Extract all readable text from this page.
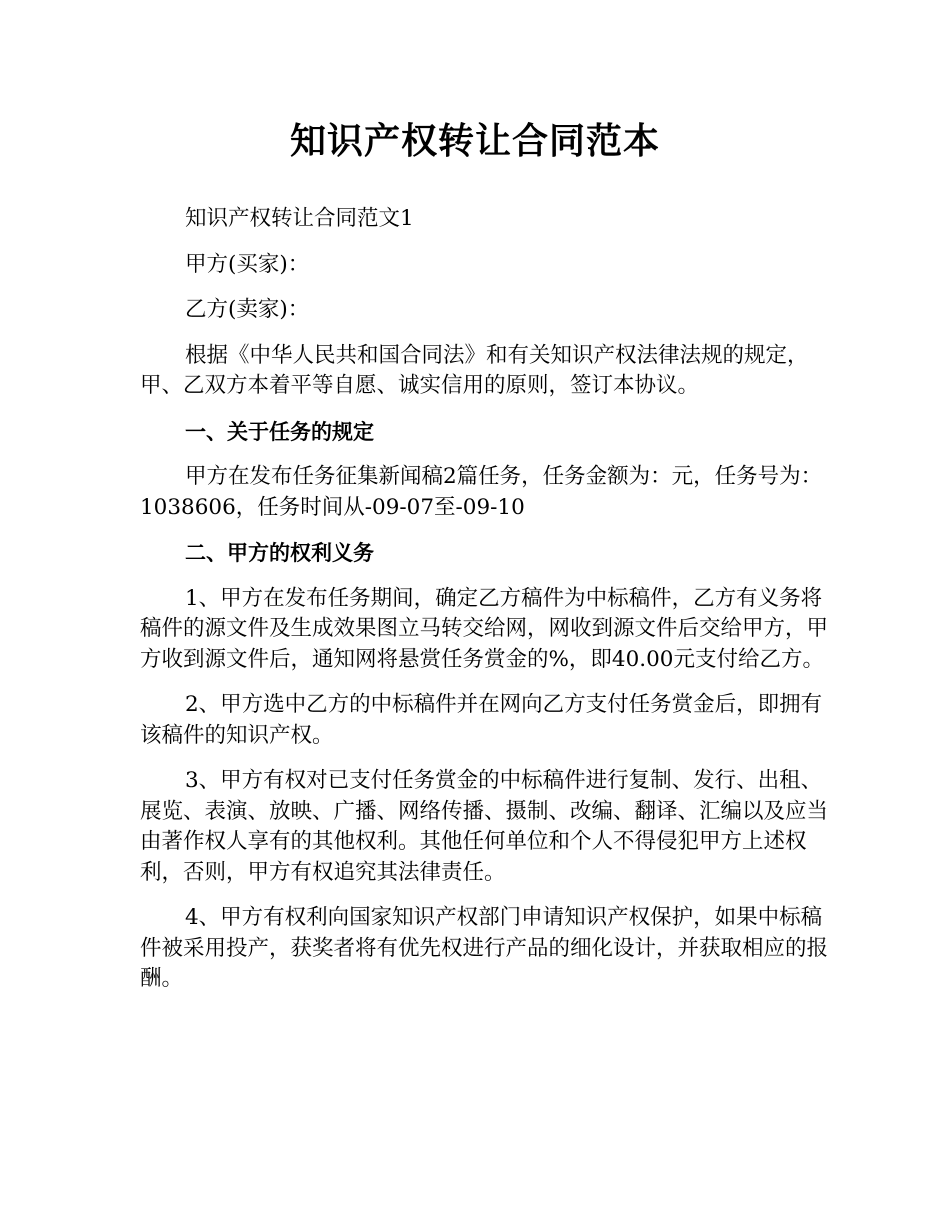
知识产权转让合同范本

知识产权转让合同范文1

甲方(买家)：

乙方(卖家)：

根据《中华人民共和国合同法》和有关知识产权法律法规的规定，甲、乙双方本着平等自愿、诚实信用的原则，签订本协议。

一、关于任务的规定

甲方在发布任务征集新闻稿2篇任务，任务金额为：元，任务号为：1038606，任务时间从-09-07至-09-10

二、甲方的权利义务

1、甲方在发布任务期间，确定乙方稿件为中标稿件，乙方有义务将稿件的源文件及生成效果图立马转交给网，网收到源文件后交给甲方，甲方收到源文件后，通知网将悬赏任务赏金的%，即40.00元支付给乙方。

2、甲方选中乙方的中标稿件并在网向乙方支付任务赏金后，即拥有该稿件的知识产权。

3、甲方有权对已支付任务赏金的中标稿件进行复制、发行、出租、展览、表演、放映、广播、网络传播、摄制、改编、翻译、汇编以及应当由著作权人享有的其他权利。其他任何单位和个人不得侵犯甲方上述权利，否则，甲方有权追究其法律责任。

4、甲方有权利向国家知识产权部门申请知识产权保护，如果中标稿件被采用投产，获奖者将有优先权进行产品的细化设计，并获取相应的报酬。
